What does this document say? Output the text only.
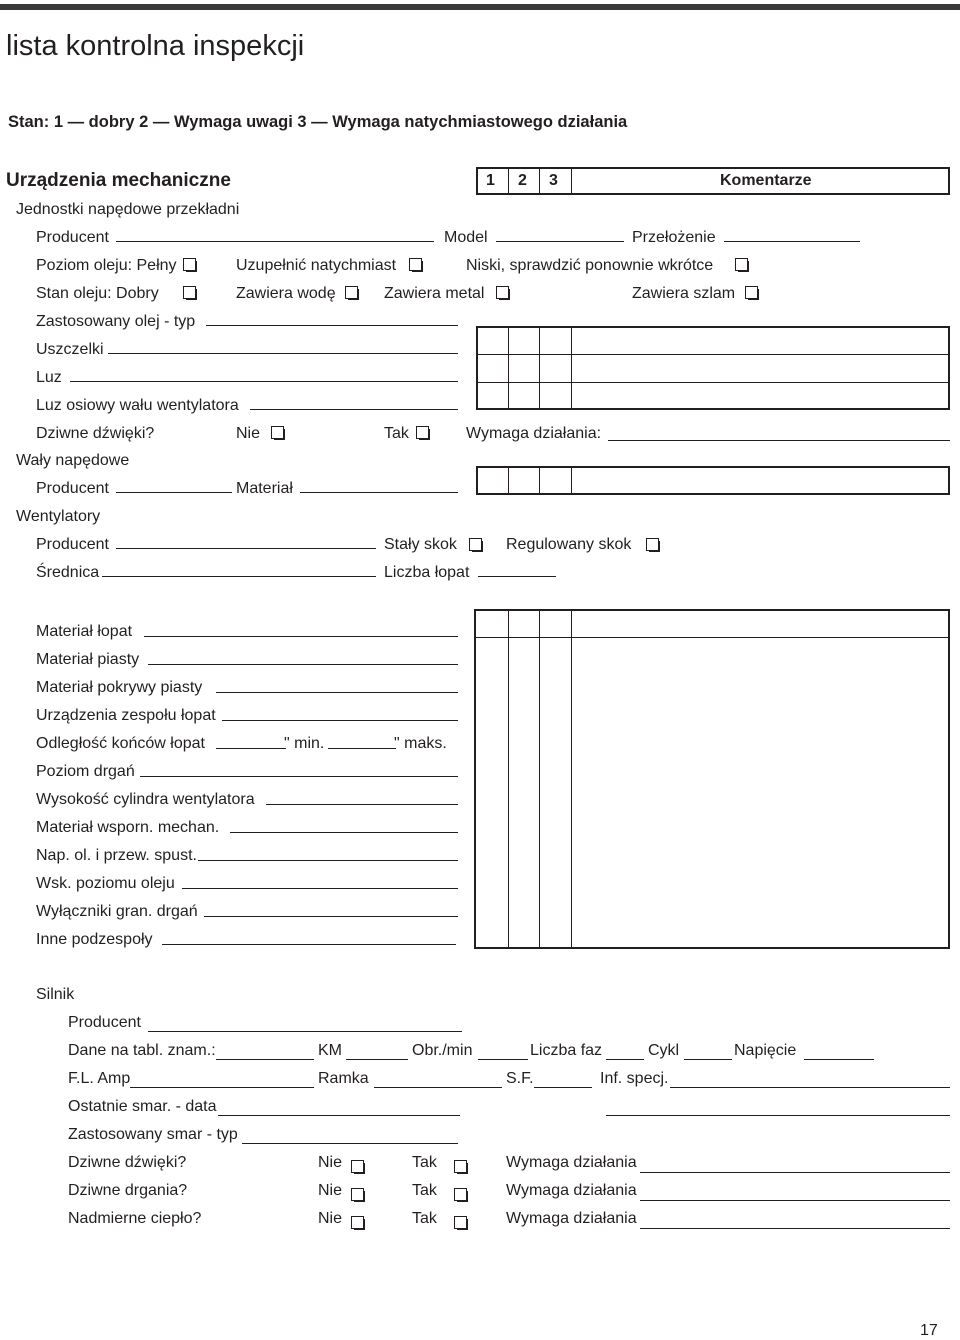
lista kontrolna inspekcji
Stan: 1 — dobry 2 — Wymaga uwagi 3 — Wymaga natychmiastowego działania
Urządzenia mechaniczne	1 2 3	Komentarze
Jednostki napędowe przekładni
Producent	Model	Przełożenie
Poziom oleju: Pełny	Uzupełnić natychmiast	Niski, sprawdzić ponownie wkrótce
Stan oleju: Dobry	Zawiera wodę	Zawiera metal	Zawiera szlam
Zastosowany olej - typ
Uszczelki
Luz
Luz osiowy wału wentylatora
Dziwne dźwięki?	Nie	Tak	Wymaga działania:
Wały napędowe
Producent	Materiał
Wentylatory
Producent	Stały skok	Regulowany skok
Średnica	Liczba łopat
Materiał łopat
Materiał piasty
Materiał pokrywy piasty
Urządzenia zespołu łopat
Odległość końców łopat	" min.	" maks.
Poziom drgań
Wysokość cylindra wentylatora
Materiał wsporn. mechan.
Nap. ol. i przew. spust.
Wsk. poziomu oleju
Wyłączniki gran. drgań
Inne podzespoły
Silnik
Producent
Dane na tabl. znam.:	KM	Obr./min	Liczba faz	Cykl	Napięcie
F.L. Amp	Ramka	S.F.	Inf. specj.
Ostatnie smar. - data
Zastosowany smar - typ
Dziwne dźwięki?	Nie	Tak	Wymaga działania
Dziwne drgania?	Nie	Tak	Wymaga działania
Nadmierne ciepło?	Nie	Tak	Wymaga działania
17
